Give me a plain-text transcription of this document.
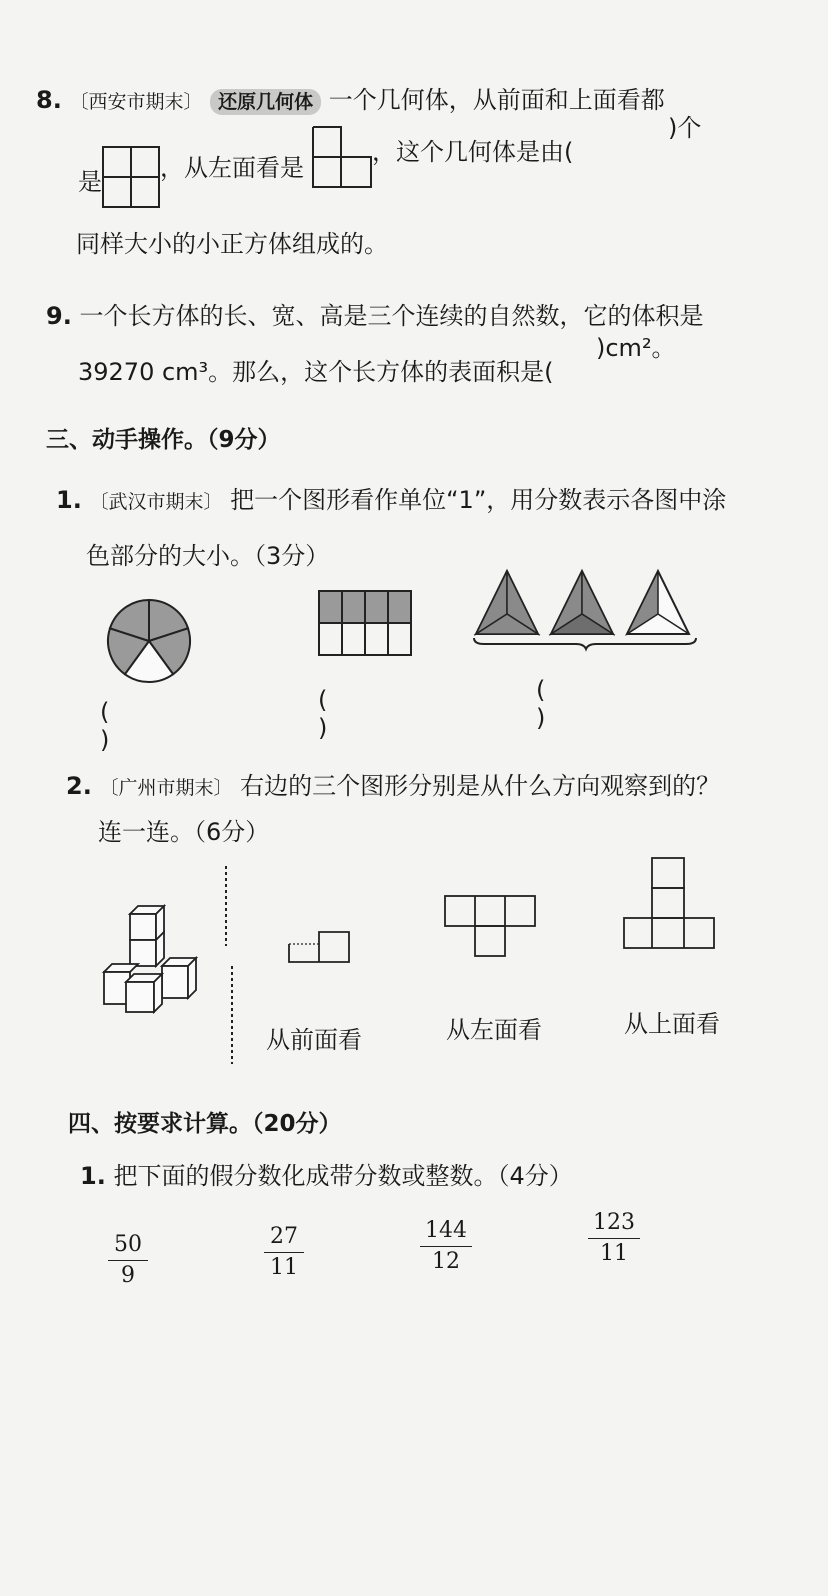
8. 〔西安市期末〕 还原几何体 一个几何体，从前面和上面看都
是 ，从左面看是
，这个几何体是由(
)个
同样大小的小正方体组成的。
9. 一个长方体的长、宽、高是三个连续的自然数，它的体积是
39270 cm³。那么，这个长方体的表面积是(
)cm²。
三、动手操作。（9分）
1. 〔武汉市期末〕 把一个图形看作单位“1”，用分数表示各图中涂
色部分的大小。（3分）
(  )
(  )
(  )
2. 〔广州市期末〕 右边的三个图形分别是从什么方向观察到的？
连一连。（6分）
从前面看	从左面看	从上面看
四、按要求计算。（20分）
1. 把下面的假分数化成带分数或整数。（4分）
50
9
27
11
144
12
123
11
